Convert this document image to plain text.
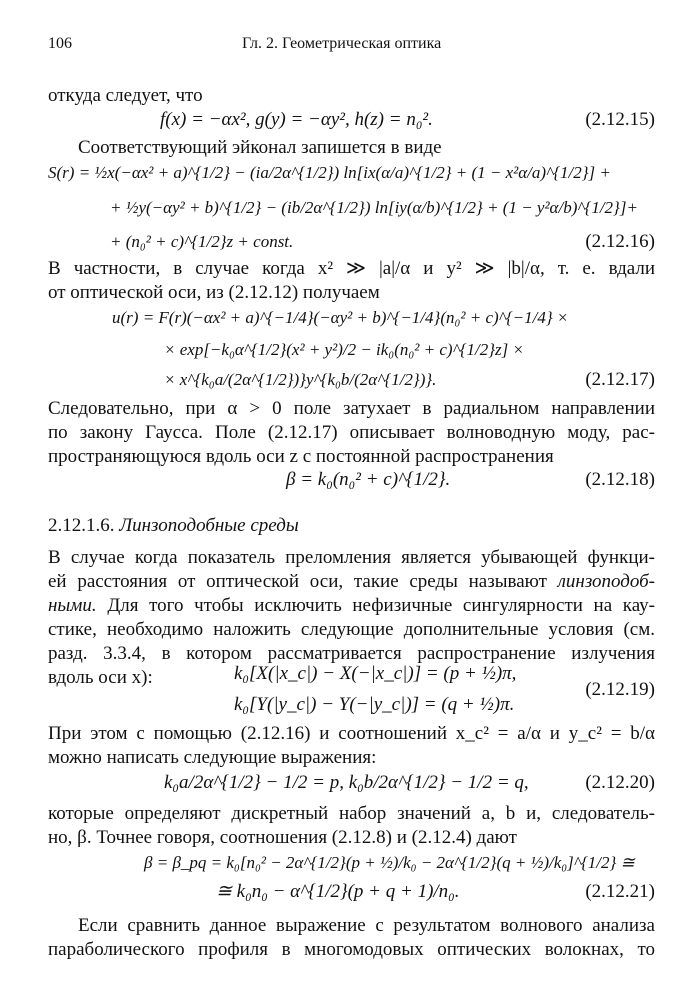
106	Гл. 2. Геометрическая оптика
откуда следует, что
f(x) = −αx², g(y) = −αy², h(z) = n₀².	(2.12.15)
Соответствующий эйконал запишется в виде
S(r) = ½x(−αx² + a)^{1/2} − (ia/2α^{1/2}) ln[ix(α/a)^{1/2} + (1 − x²α/a)^{1/2}] +
+ ½y(−αy² + b)^{1/2} − (ib/2α^{1/2}) ln[iy(α/b)^{1/2} + (1 − y²α/b)^{1/2}]+
+ (n₀² + c)^{1/2}z + const.	(2.12.16)
В частности, в случае когда x² ≫ |a|/α и y² ≫ |b|/α, т. е. вдали
от оптической оси, из (2.12.12) получаем
u(r) = F(r)(−αx² + a)^{−1/4}(−αy² + b)^{−1/4}(n₀² + c)^{−1/4} ×
× exp[−k₀α^{1/2}(x² + y²)/2 − ik₀(n₀² + c)^{1/2}z] ×
× x^{k₀a/(2α^{1/2})}y^{k₀b/(2α^{1/2})}.	(2.12.17)
Следовательно, при α > 0 поле затухает в радиальном направлении
по закону Гаусса. Поле (2.12.17) описывает волноводную моду, рас-
пространяющуюся вдоль оси z с постоянной распространения
β = k₀(n₀² + c)^{1/2}.	(2.12.18)
2.12.1.6. Линзоподобные среды
В случае когда показатель преломления является убывающей функци-
ей расстояния от оптической оси, такие среды называют линзоподоб-
ными. Для того чтобы исключить нефизичные сингулярности на кау-
стике, необходимо наложить следующие дополнительные условия (см.
разд. 3.3.4, в котором рассматривается распространение излучения
вдоль оси x):	k₀[X(|x_c|) − X(−|x_c|)] = (p + ½)π,
k₀[Y(|y_c|) − Y(−|y_c|)] = (q + ½)π.
(2.12.19)
При этом с помощью (2.12.16) и соотношений x_c² = a/α и y_c² = b/α
можно написать следующие выражения:
k₀a/2α^{1/2} − 1/2 = p, k₀b/2α^{1/2} − 1/2 = q,	(2.12.20)
которые определяют дискретный набор значений a, b и, следователь-
но, β. Точнее говоря, соотношения (2.12.8) и (2.12.4) дают
β = β_pq = k₀[n₀² − 2α^{1/2}(p + ½)/k₀ − 2α^{1/2}(q + ½)/k₀]^{1/2} ≅
≅ k₀n₀ − α^{1/2}(p + q + 1)/n₀.	(2.12.21)
Если сравнить данное выражение с результатом волнового анализа
параболического профиля в многомодовых оптических волокнах, то
